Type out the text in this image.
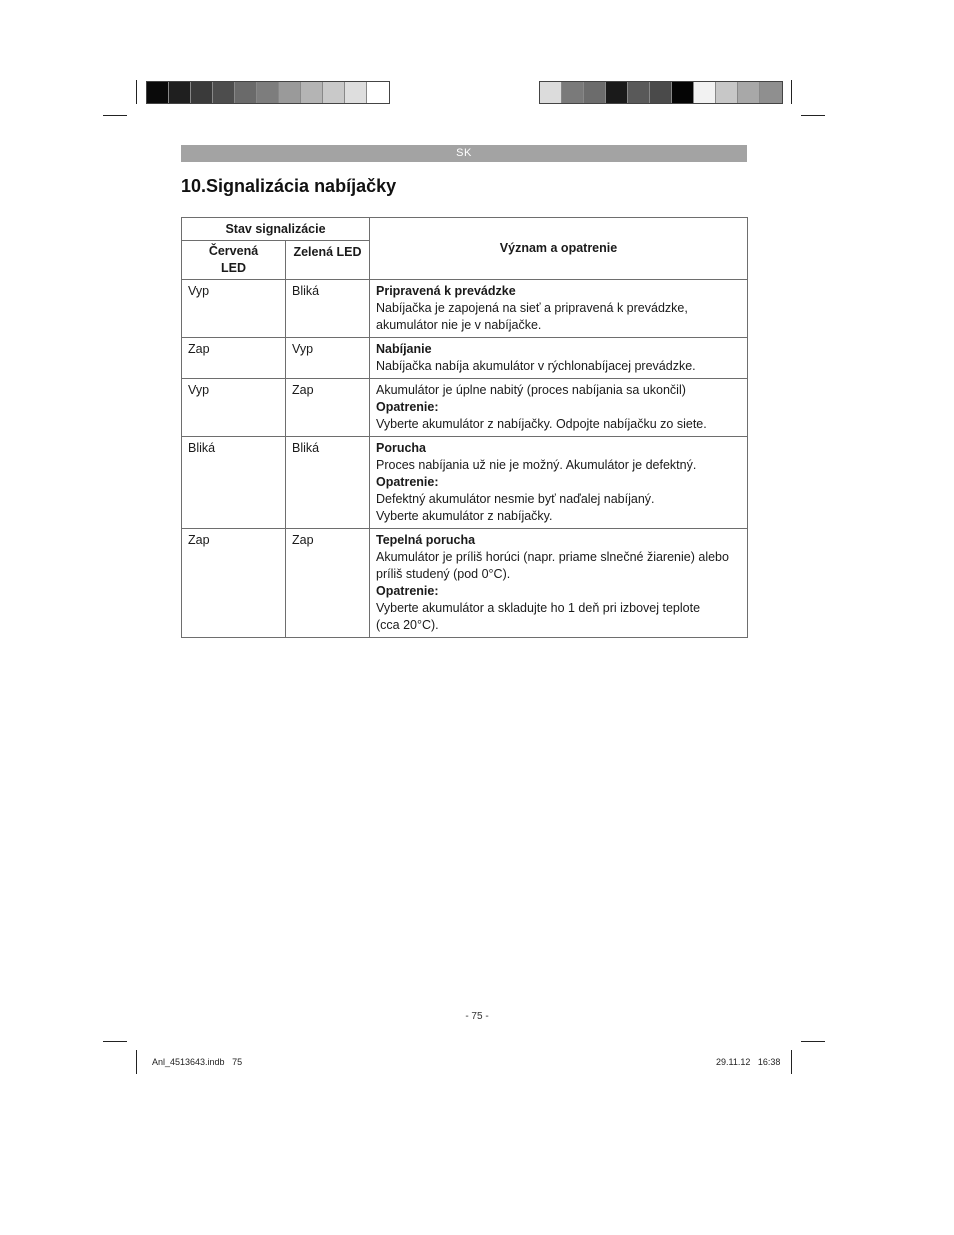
SK
10.Signalizácia nabíjačky
Stav signalizácie		Význam a opatrenie
Červená LED	Zelená LED	
Vyp	Bliká	Pripravená k prevádzke
Nabíjačka je zapojená na sieť a pripravená k prevádzke, akumulátor nie je v nabíjačke.

Zap	Vyp	Nabíjanie
Nabíjačka nabíja akumulátor v rýchlonabíjacej prevádzke.

Vyp	Zap	Akumulátor je úplne nabitý (proces nabíjania sa ukončil)
Opatrenie:
Vyberte akumulátor z nabíjačky. Odpojte nabíjačku zo siete.

Bliká	Bliká	Porucha
Proces nabíjania už nie je možný. Akumulátor je defektný.
Opatrenie:
Defektný akumulátor nesmie byť naďalej nabíjaný.
Vyberte akumulátor z nabíjačky.

Zap	Zap	Tepelná porucha
Akumulátor je príliš horúci (napr. priame slnečné žiarenie) alebo príliš studený (pod 0°C).
Opatrenie:
Vyberte akumulátor a skladujte ho 1 deň pri izbovej teplote
(cca 20°C).
- 75 -
Anl_4513643.indb   75	29.11.12   16:38
